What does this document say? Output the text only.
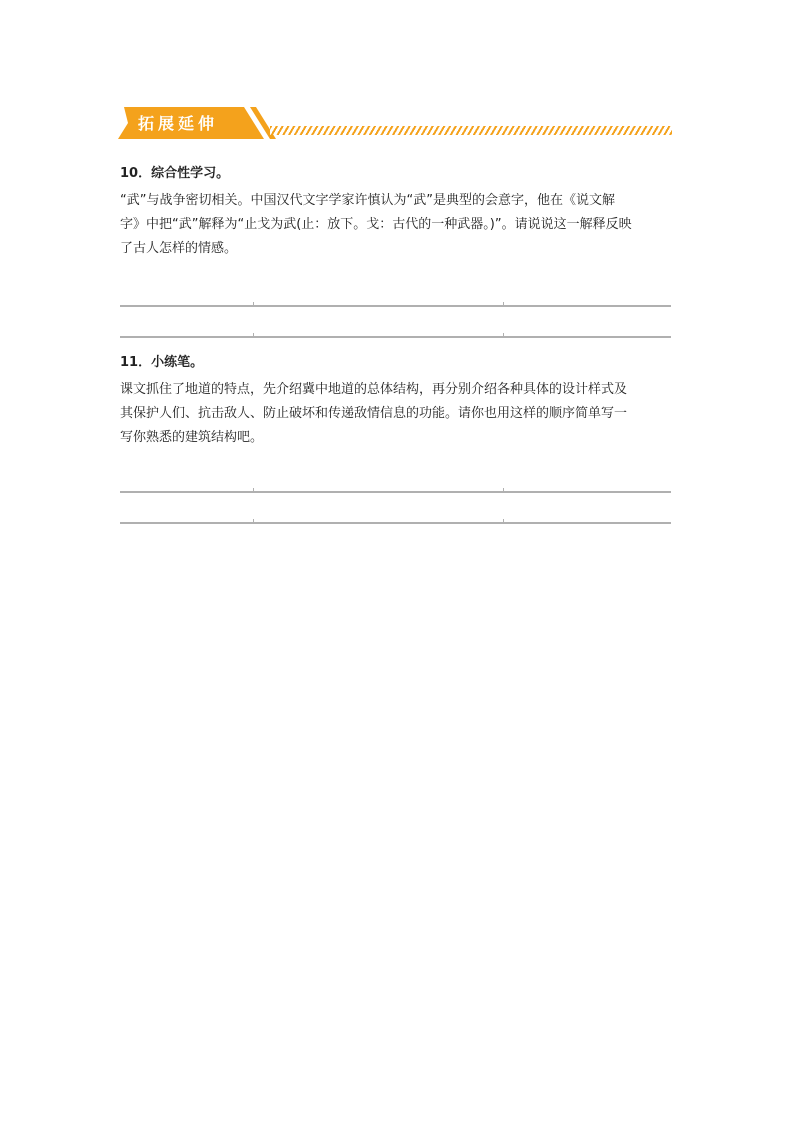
拓展延伸

10．综合性学习。

“武”与战争密切相关。中国汉代文字学家许慎认为“武”是典型的会意字，他在《说文解
字》中把“武”解释为“止戈为武(止：放下。戈：古代的一种武器。)”。请说说这一解释反映
了古人怎样的情感。

11．小练笔。

课文抓住了地道的特点，先介绍冀中地道的总体结构，再分别介绍各种具体的设计样式及
其保护人们、抗击敌人、防止破坏和传递敌情信息的功能。请你也用这样的顺序简单写一
写你熟悉的建筑结构吧。
